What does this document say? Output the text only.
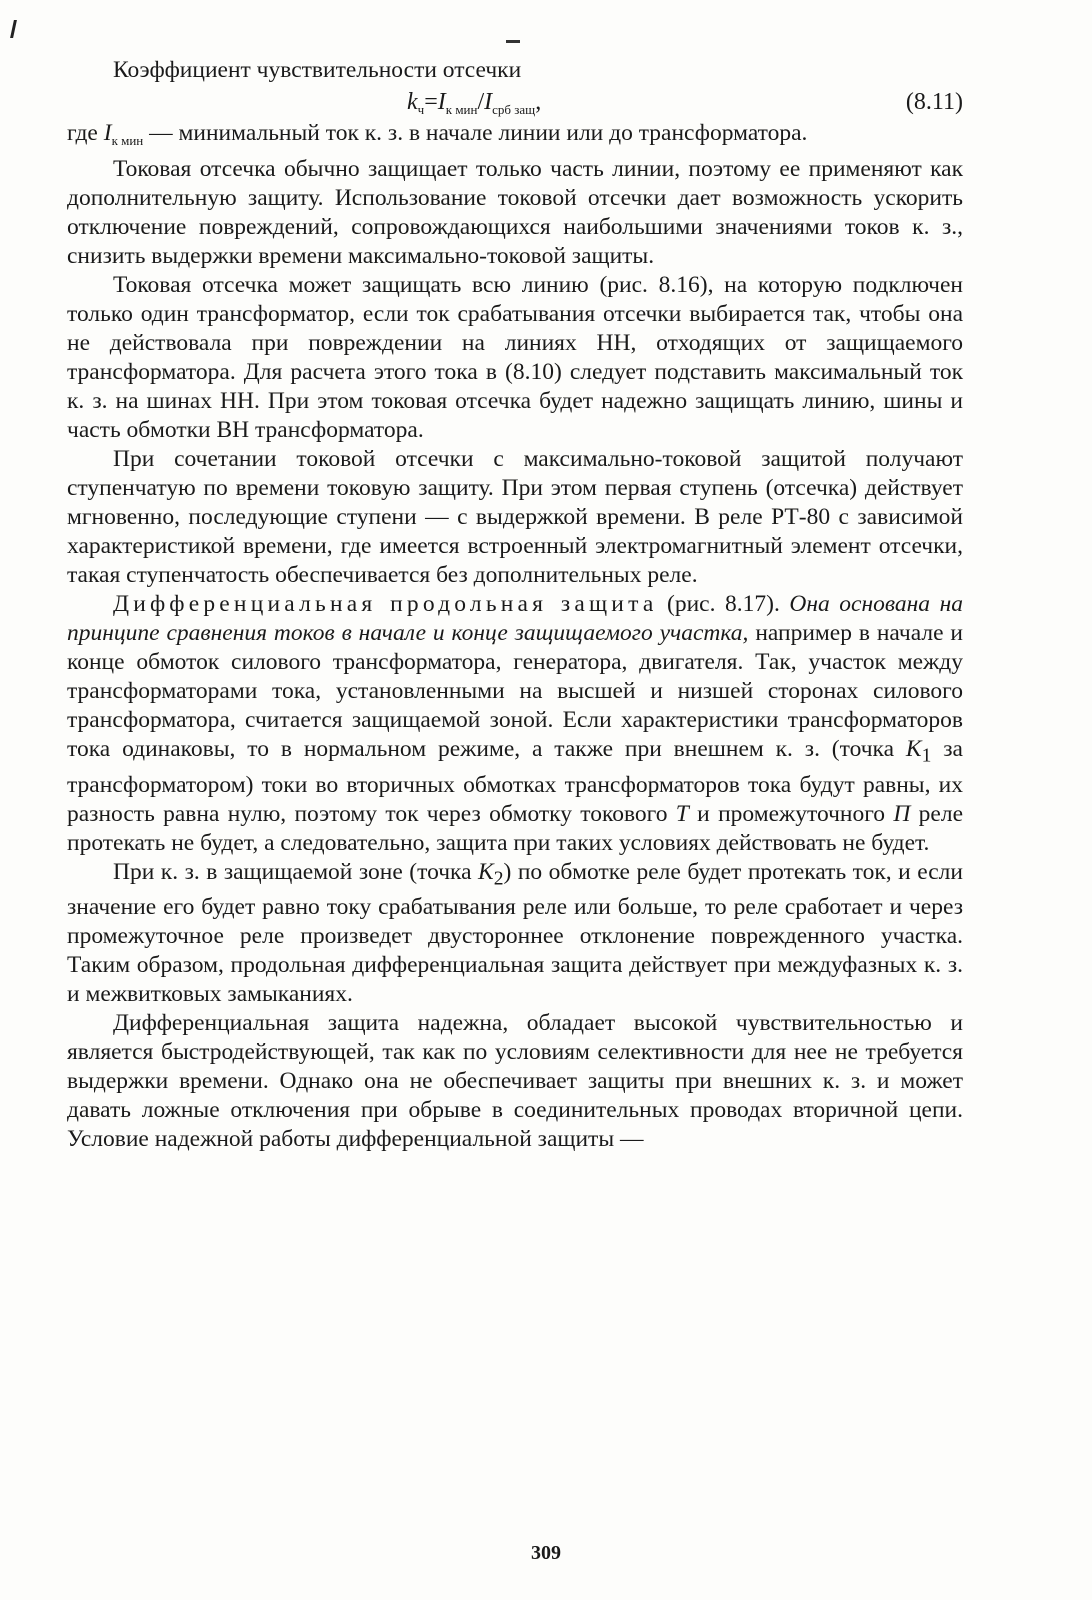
Коэффициент чувствительности отсечки
$k_ч=I_{к мин}/I_{срб защ}$,	(8.11)

где $I_{к мин}$ — минимальный ток к. з. в начале линии или до трансформатора.

Токовая отсечка обычно защищает только часть линии, поэтому ее применяют как дополнительную защиту. Использование токовой отсечки дает возможность ускорить отключение повреждений, сопровождающихся наибольшими значениями токов к. з., снизить выдержки времени максимально-токовой защиты.

Токовая отсечка может защищать всю линию (рис. 8.16), на которую подключен только один трансформатор, если ток срабатывания отсечки выбирается так, чтобы она не действовала при повреждении на линиях НН, отходящих от защищаемого трансформатора. Для расчета этого тока в (8.10) следует подставить максимальный ток к. з. на шинах НН. При этом токовая отсечка будет надежно защищать линию, шины и часть обмотки ВН трансформатора.

При сочетании токовой отсечки с максимально-токовой защитой получают ступенчатую по времени токовую защиту. При этом первая ступень (отсечка) действует мгновенно, последующие ступени — с выдержкой времени. В реле РТ-80 с зависимой характеристикой времени, где имеется встроенный электромагнитный элемент отсечки, такая ступенчатость обеспечивается без дополнительных реле.

Дифференциальная продольная защита (рис. 8.17). Она основана на принципе сравнения токов в начале и конце защищаемого участка, например в начале и конце обмоток силового трансформатора, генератора, двигателя. Так, участок между трансформаторами тока, установленными на высшей и низшей сторонах силового трансформатора, считается защищаемой зоной. Если характеристики трансформаторов тока одинаковы, то в нормальном режиме, а также при внешнем к. з. (точка $K_1$ за трансформатором) токи во вторичных обмотках трансформаторов тока будут равны, их разность равна нулю, поэтому ток через обмотку токового Т и промежуточного П реле протекать не будет, а следовательно, защита при таких условиях действовать не будет.

При к. з. в защищаемой зоне (точка $K_2$) по обмотке реле будет протекать ток, и если значение его будет равно току срабатывания реле или больше, то реле сработает и через промежуточное реле произведет двустороннее отклонение поврежденного участка. Таким образом, продольная дифференциальная защита действует при междуфазных к. з. и межвитковых замыканиях.

Дифференциальная защита надежна, обладает высокой чувствительностью и является быстродействующей, так как по условиям селективности для нее не требуется выдержки времени. Однако она не обеспечивает защиты при внешних к. з. и может давать ложные отключения при обрыве в соединительных проводах вторичной цепи. Условие надежной работы дифференциальной защиты —

309
